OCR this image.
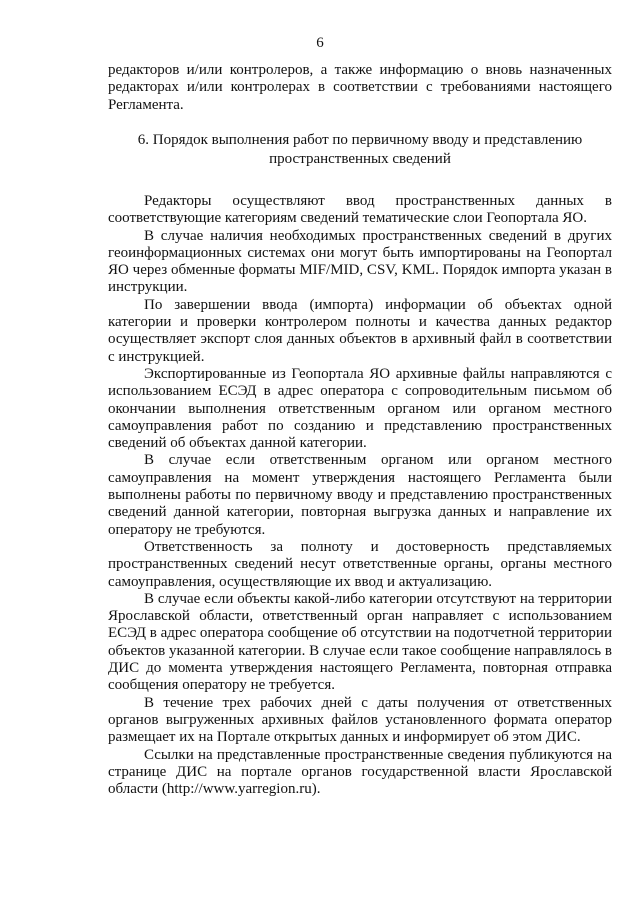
6

редакторов и/или контролеров, а также информацию о вновь назначенных редакторах и/или контролерах в соответствии с требованиями настоящего Регламента.

6. Порядок выполнения работ по первичному вводу и представлению
пространственных сведений

Редакторы осуществляют ввод пространственных данных в соответствующие категориям сведений тематические слои Геопортала ЯО.

В случае наличия необходимых пространственных сведений в других геоинформационных системах они могут быть импортированы на Геопортал ЯО через обменные форматы MIF/MID, CSV, KML. Порядок импорта указан в инструкции.

По завершении ввода (импорта) информации об объектах одной категории и проверки контролером полноты и качества данных редактор осуществляет экспорт слоя данных объектов в архивный файл в соответствии с инструкцией.

Экспортированные из Геопортала ЯО архивные файлы направляются с использованием ЕСЭД в адрес оператора с сопроводительным письмом об окончании выполнения ответственным органом или органом местного самоуправления работ по созданию и представлению пространственных сведений об объектах данной категории.

В случае если ответственным органом или органом местного самоуправления на момент утверждения настоящего Регламента были выполнены работы по первичному вводу и представлению пространственных сведений данной категории, повторная выгрузка данных и направление их оператору не требуются.

Ответственность за полноту и достоверность представляемых пространственных сведений несут ответственные органы, органы местного самоуправления, осуществляющие их ввод и актуализацию.

В случае если объекты какой-либо категории отсутствуют на территории Ярославской области, ответственный орган направляет с использованием ЕСЭД в адрес оператора сообщение об отсутствии на подотчетной территории объектов указанной категории. В случае если такое сообщение направлялось в ДИС до момента утверждения настоящего Регламента, повторная отправка сообщения оператору не требуется.

В течение трех рабочих дней с даты получения от ответственных органов выгруженных архивных файлов установленного формата оператор размещает их на Портале открытых данных и информирует об этом ДИС.

Ссылки на представленные пространственные сведения публикуются на странице ДИС на портале органов государственной власти Ярославской области (http://www.yarregion.ru).
